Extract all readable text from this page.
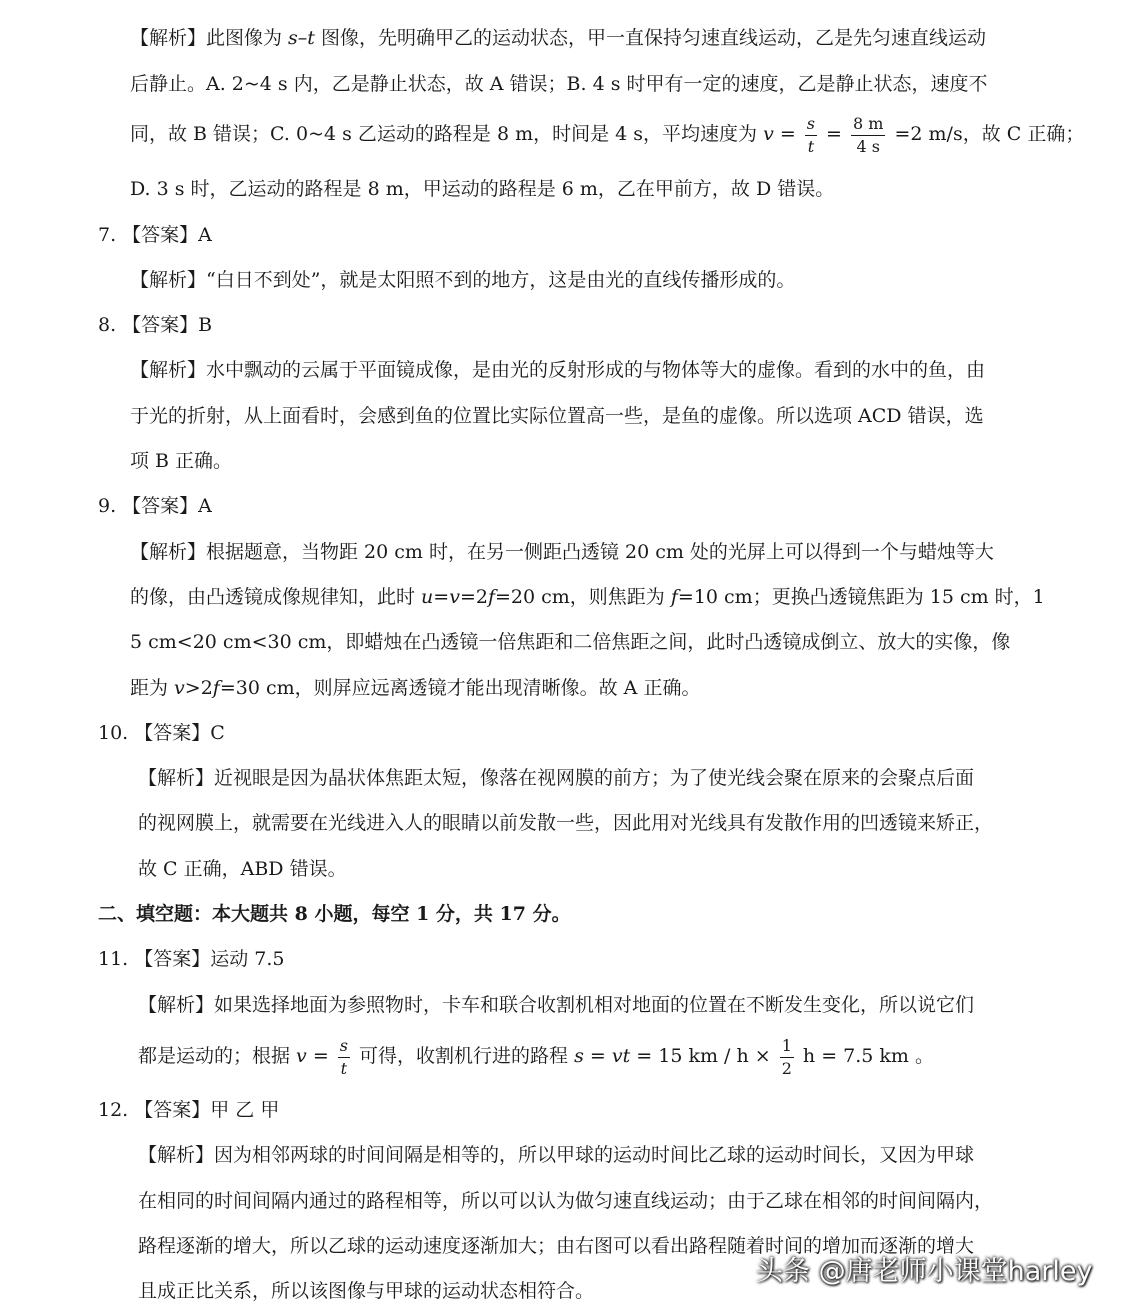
【解析】此图像为 s–t 图像，先明确甲乙的运动状态，甲一直保持匀速直线运动，乙是先匀速直线运动
后静止。A. 2~4 s 内，乙是静止状态，故 A 错误；B. 4 s 时甲有一定的速度，乙是静止状态，速度不
同，故 B 错误；C. 0~4 s 乙运动的路程是 8 m，时间是 4 s，平均速度为 $v = \frac{s}{t} = \frac{8 m}{4 s} =2$ m/s，故 C 正确；
D. 3 s 时，乙运动的路程是 8 m，甲运动的路程是 6 m，乙在甲前方，故 D 错误。
7. 【答案】A
【解析】“白日不到处”，就是太阳照不到的地方，这是由光的直线传播形成的。
8. 【答案】B
【解析】水中飘动的云属于平面镜成像，是由光的反射形成的与物体等大的虚像。看到的水中的鱼，由
于光的折射，从上面看时，会感到鱼的位置比实际位置高一些，是鱼的虚像。所以选项 ACD 错误，选
项 B 正确。
9. 【答案】A
【解析】根据题意，当物距 20 cm 时，在另一侧距凸透镜 20 cm 处的光屏上可以得到一个与蜡烛等大
的像，由凸透镜成像规律知，此时 u=v=2f=20 cm，则焦距为 f=10 cm；更换凸透镜焦距为 15 cm 时，1
5 cm<20 cm<30 cm，即蜡烛在凸透镜一倍焦距和二倍焦距之间，此时凸透镜成倒立、放大的实像，像
距为 v>2f=30 cm，则屏应远离透镜才能出现清晰像。故 A 正确。
10. 【答案】C
【解析】近视眼是因为晶状体焦距太短，像落在视网膜的前方；为了使光线会聚在原来的会聚点后面
的视网膜上，就需要在光线进入人的眼睛以前发散一些，因此用对光线具有发散作用的凹透镜来矫正，
故 C 正确，ABD 错误。
二、填空题：本大题共 8 小题，每空 1 分，共 17 分。
11. 【答案】运动 7.5
【解析】如果选择地面为参照物时，卡车和联合收割机相对地面的位置在不断发生变化，所以说它们
都是运动的；根据 $v = \frac{s}{t}$ 可得，收割机行进的路程 s = vt = 15 km / $h \times \frac{1}{2}$ h = 7.5 km 。
12. 【答案】甲 乙 甲
【解析】因为相邻两球的时间间隔是相等的，所以甲球的运动时间比乙球的运动时间长，又因为甲球
在相同的时间间隔内通过的路程相等，所以可以认为做匀速直线运动；由于乙球在相邻的时间间隔内，
路程逐渐的增大，所以乙球的运动速度逐渐加大；由右图可以看出路程随着时间的增加而逐渐的增大
且成正比关系，所以该图像与甲球的运动状态相符合。
头条 @唐老师小课堂harley
